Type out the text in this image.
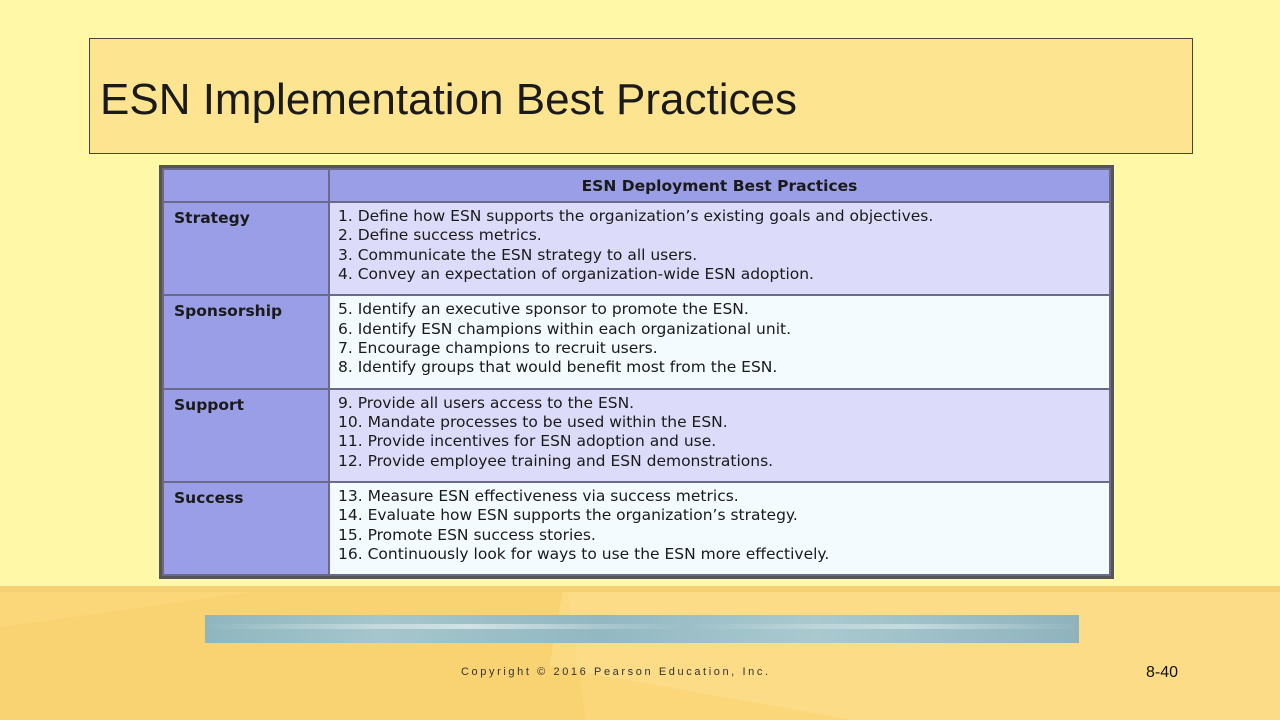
ESN Implementation Best Practices
	ESN Deployment Best Practices
Strategy	1. Define how ESN supports the organization’s existing goals and objectives.
2. Define success metrics.
3. Communicate the ESN strategy to all users.
4. Convey an expectation of organization-wide ESN adoption.

Sponsorship	5. Identify an executive sponsor to promote the ESN.
6. Identify ESN champions within each organizational unit.
7. Encourage champions to recruit users.
8. Identify groups that would benefit most from the ESN.

Support	9. Provide all users access to the ESN.
10. Mandate processes to be used within the ESN.
11. Provide incentives for ESN adoption and use.
12. Provide employee training and ESN demonstrations.

Success	13. Measure ESN effectiveness via success metrics.
14. Evaluate how ESN supports the organization’s strategy.
15. Promote ESN success stories.
16. Continuously look for ways to use the ESN more effectively.
Copyright © 2016 Pearson Education, Inc.	8-40
